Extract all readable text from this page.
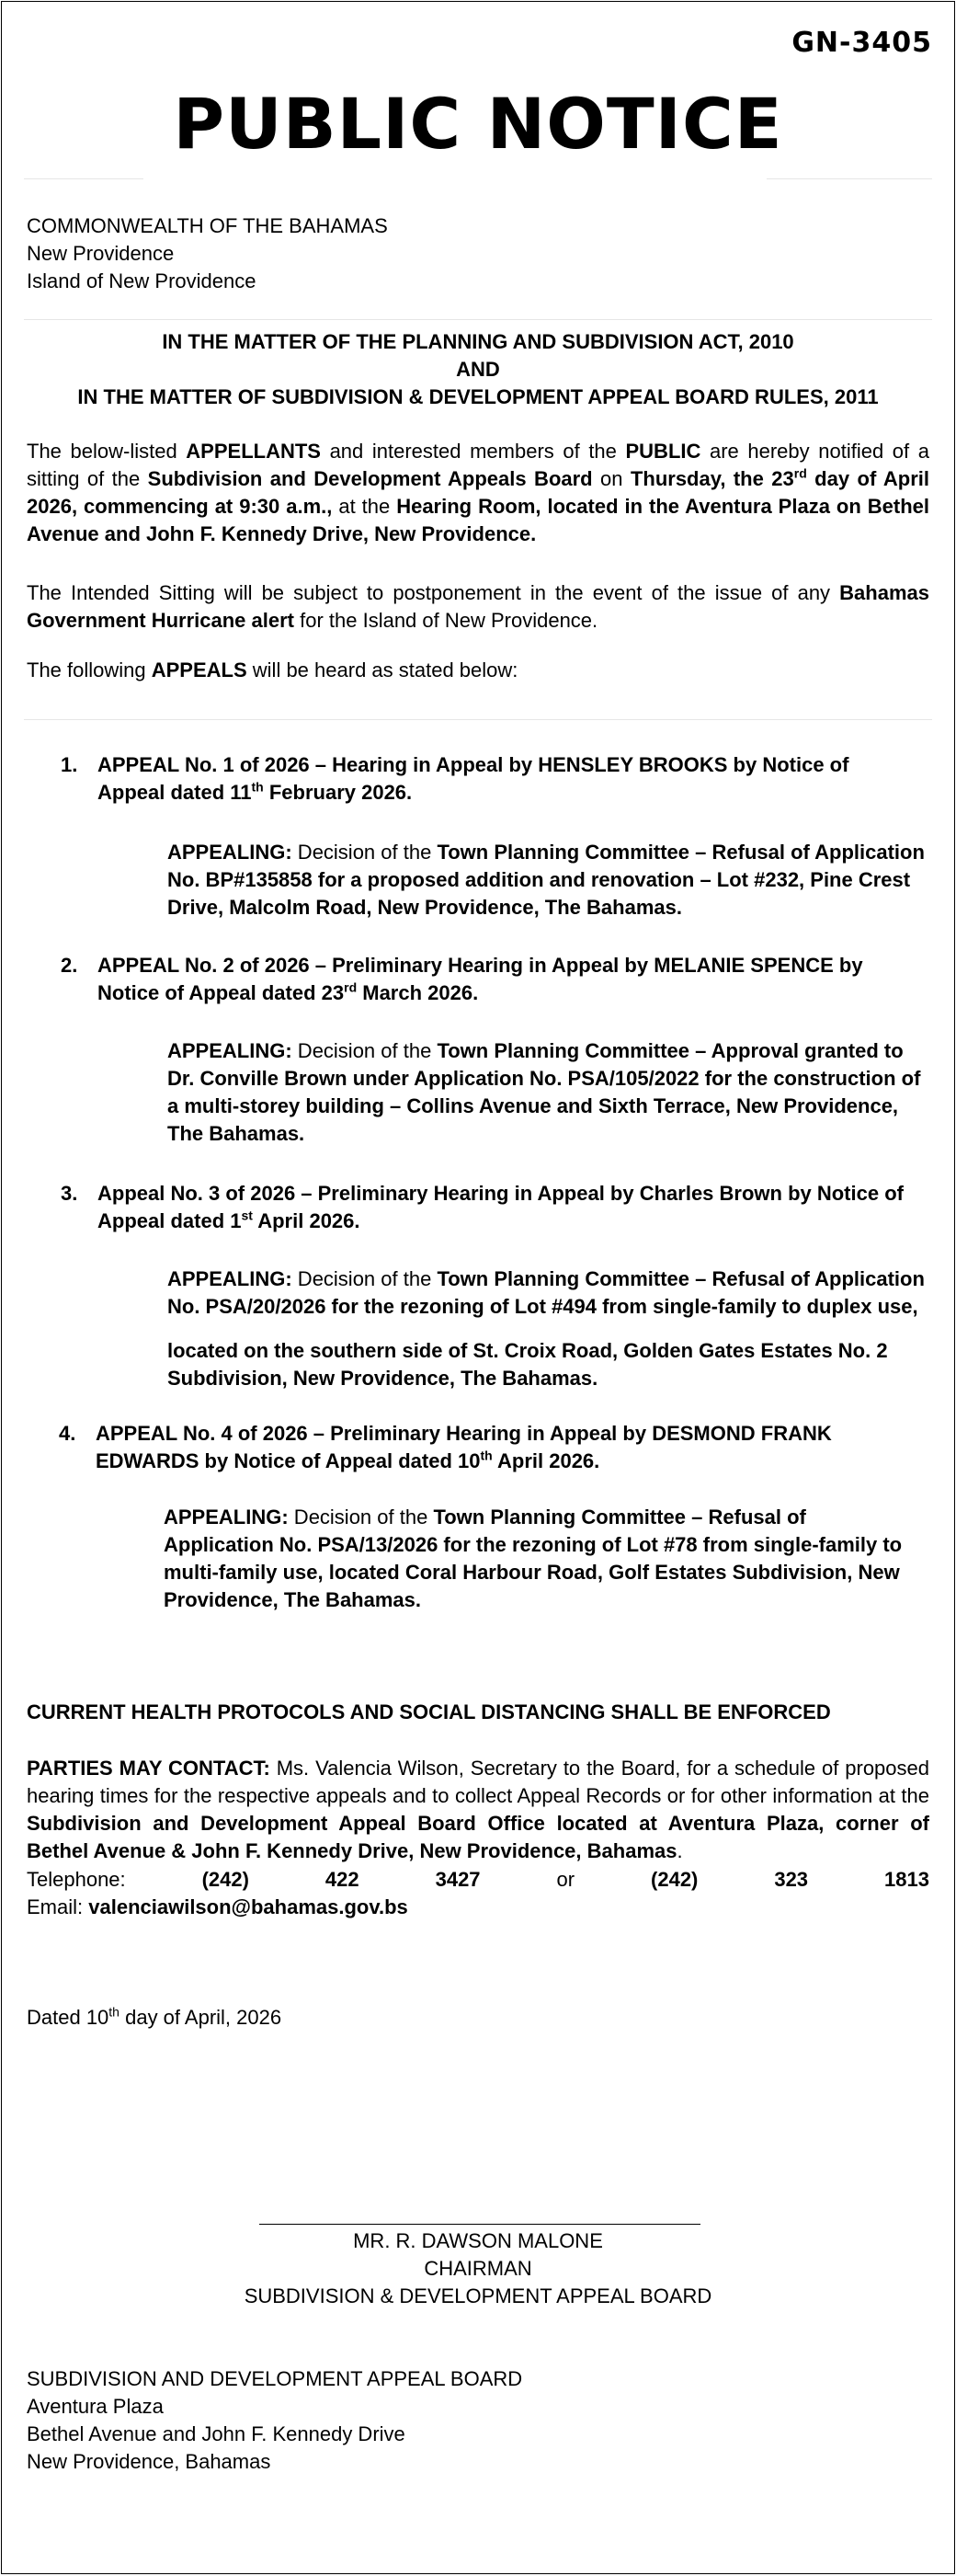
GN-3405
PUBLIC NOTICE
COMMONWEALTH OF THE BAHAMAS
New Providence
Island of New Providence
IN THE MATTER OF THE PLANNING AND SUBDIVISION ACT, 2010
AND
IN THE MATTER OF SUBDIVISION & DEVELOPMENT APPEAL BOARD RULES, 2011
The below-listed APPELLANTS and interested members of the PUBLIC are hereby notified of a sitting of the Subdivision and Development Appeals Board on Thursday, the 23rd day of April 2026, commencing at 9:30 a.m., at the Hearing Room, located in the Aventura Plaza on Bethel Avenue and John F. Kennedy Drive, New Providence.
The Intended Sitting will be subject to postponement in the event of the issue of any Bahamas Government Hurricane alert for the Island of New Providence.
The following APPEALS will be heard as stated below:
1. APPEAL No. 1 of 2026 – Hearing in Appeal by HENSLEY BROOKS by Notice of Appeal dated 11th February 2026.
APPEALING: Decision of the Town Planning Committee – Refusal of Application No. BP#135858 for a proposed addition and renovation – Lot #232, Pine Crest Drive, Malcolm Road, New Providence, The Bahamas.
2. APPEAL No. 2 of 2026 – Preliminary Hearing in Appeal by MELANIE SPENCE by Notice of Appeal dated 23rd March 2026.
APPEALING: Decision of the Town Planning Committee – Approval granted to Dr. Conville Brown under Application No. PSA/105/2022 for the construction of a multi-storey building – Collins Avenue and Sixth Terrace, New Providence, The Bahamas.
3. Appeal No. 3 of 2026 – Preliminary Hearing in Appeal by Charles Brown by Notice of Appeal dated 1st April 2026.
APPEALING: Decision of the Town Planning Committee – Refusal of Application No. PSA/20/2026 for the rezoning of Lot #494 from single-family to duplex use,
located on the southern side of St. Croix Road, Golden Gates Estates No. 2 Subdivision, New Providence, The Bahamas.
4. APPEAL No. 4 of 2026 – Preliminary Hearing in Appeal by DESMOND FRANK EDWARDS by Notice of Appeal dated 10th April 2026.
APPEALING: Decision of the Town Planning Committee – Refusal of Application No. PSA/13/2026 for the rezoning of Lot #78 from single-family to multi-family use, located Coral Harbour Road, Golf Estates Subdivision, New Providence, The Bahamas.
CURRENT HEALTH PROTOCOLS AND SOCIAL DISTANCING SHALL BE ENFORCED
PARTIES MAY CONTACT: Ms. Valencia Wilson, Secretary to the Board, for a schedule of proposed hearing times for the respective appeals and to collect Appeal Records or for other information at the Subdivision and Development Appeal Board Office located at Aventura Plaza, corner of Bethel Avenue & John F. Kennedy Drive, New Providence, Bahamas.
Telephone:	(242)	422	3427	or	(242)	323	1813
Email: valenciawilson@bahamas.gov.bs
Dated 10th day of April, 2026
MR. R. DAWSON MALONE
CHAIRMAN
SUBDIVISION & DEVELOPMENT APPEAL BOARD
SUBDIVISION AND DEVELOPMENT APPEAL BOARD
Aventura Plaza
Bethel Avenue and John F. Kennedy Drive
New Providence, Bahamas
